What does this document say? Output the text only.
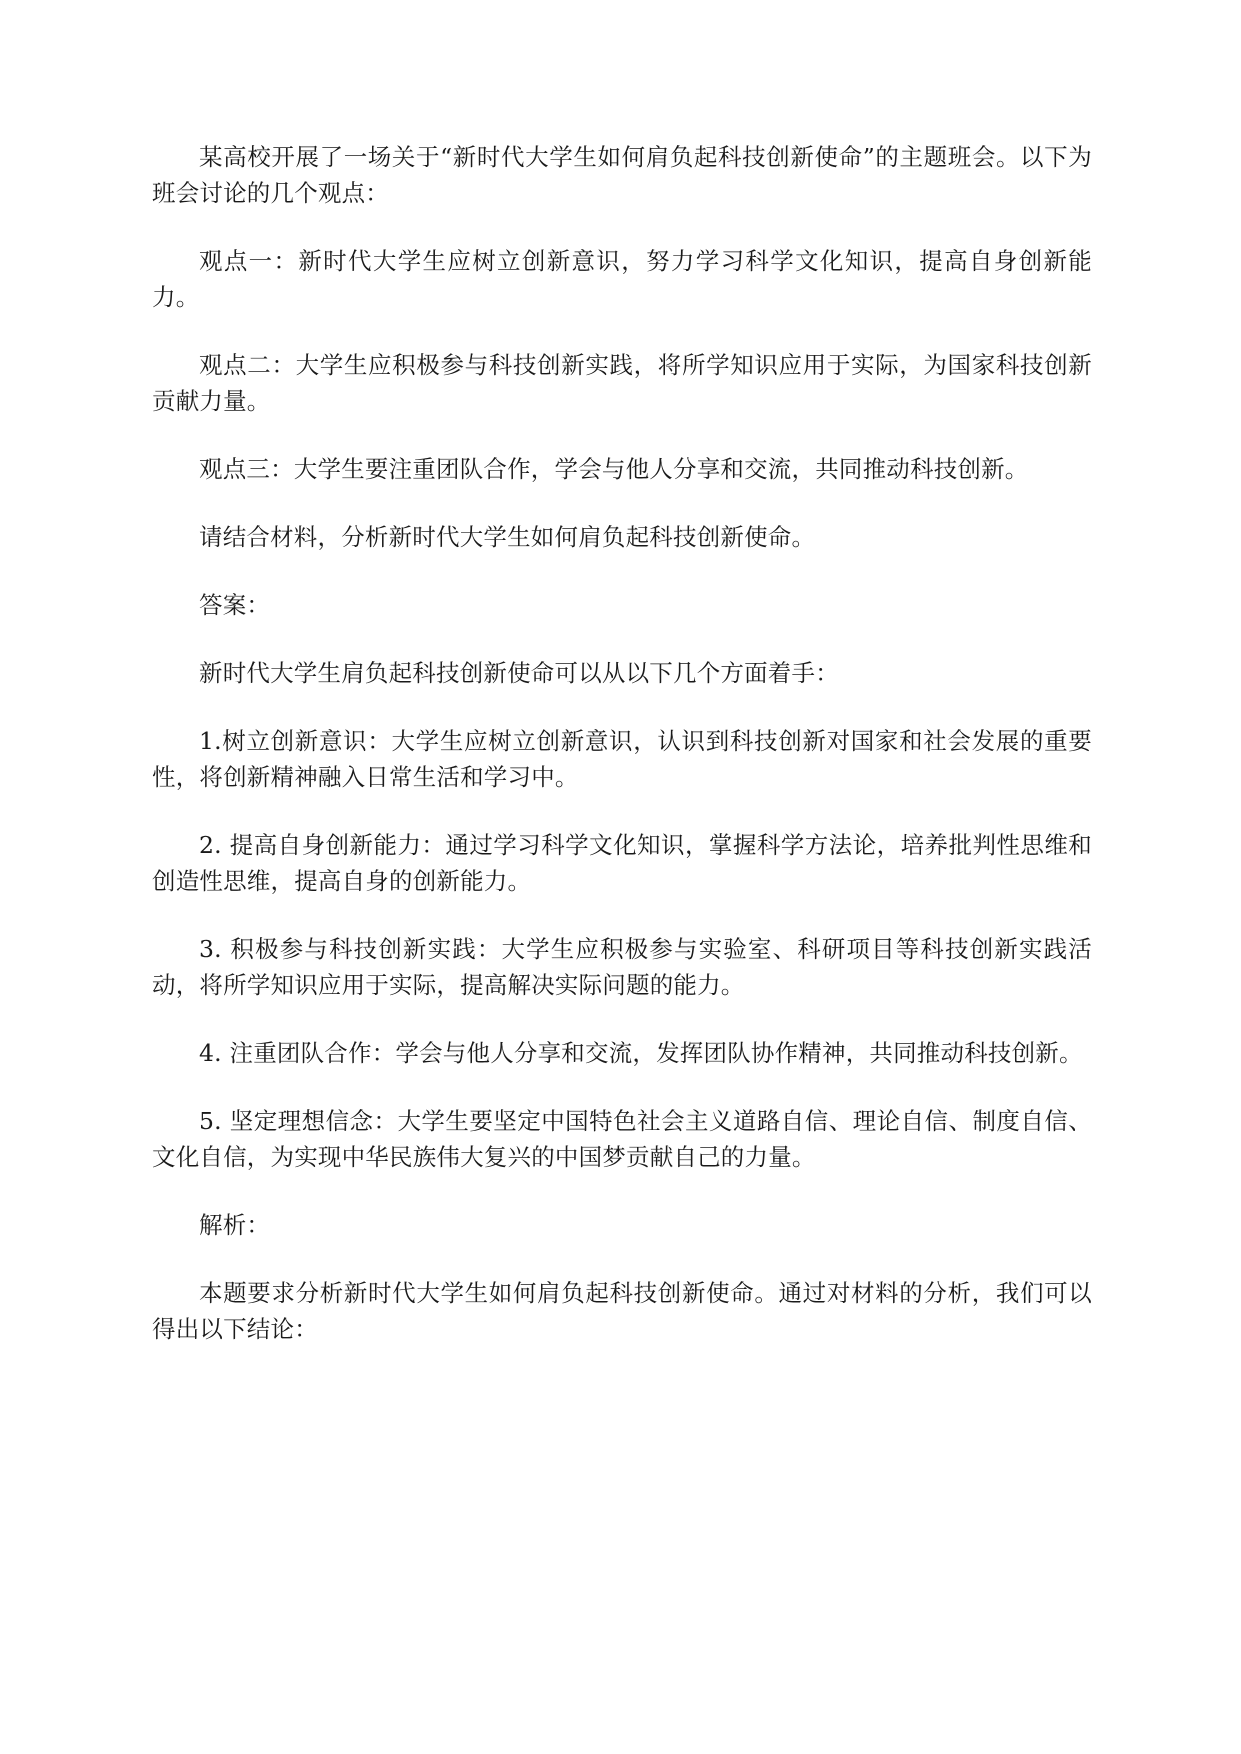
某高校开展了一场关于“新时代大学生如何肩负起科技创新使命”的主题班会。以下为班会讨论的几个观点：

观点一：新时代大学生应树立创新意识，努力学习科学文化知识，提高自身创新能力。

观点二：大学生应积极参与科技创新实践，将所学知识应用于实际，为国家科技创新贡献力量。

观点三：大学生要注重团队合作，学会与他人分享和交流，共同推动科技创新。

请结合材料，分析新时代大学生如何肩负起科技创新使命。

答案：

新时代大学生肩负起科技创新使命可以从以下几个方面着手：

1.树立创新意识：大学生应树立创新意识，认识到科技创新对国家和社会发展的重要性，将创新精神融入日常生活和学习中。

2. 提高自身创新能力：通过学习科学文化知识，掌握科学方法论，培养批判性思维和创造性思维，提高自身的创新能力。

3. 积极参与科技创新实践：大学生应积极参与实验室、科研项目等科技创新实践活动，将所学知识应用于实际，提高解决实际问题的能力。

4. 注重团队合作：学会与他人分享和交流，发挥团队协作精神，共同推动科技创新。

5. 坚定理想信念：大学生要坚定中国特色社会主义道路自信、理论自信、制度自信、文化自信，为实现中华民族伟大复兴的中国梦贡献自己的力量。

解析：

本题要求分析新时代大学生如何肩负起科技创新使命。通过对材料的分析，我们可以得出以下结论：
